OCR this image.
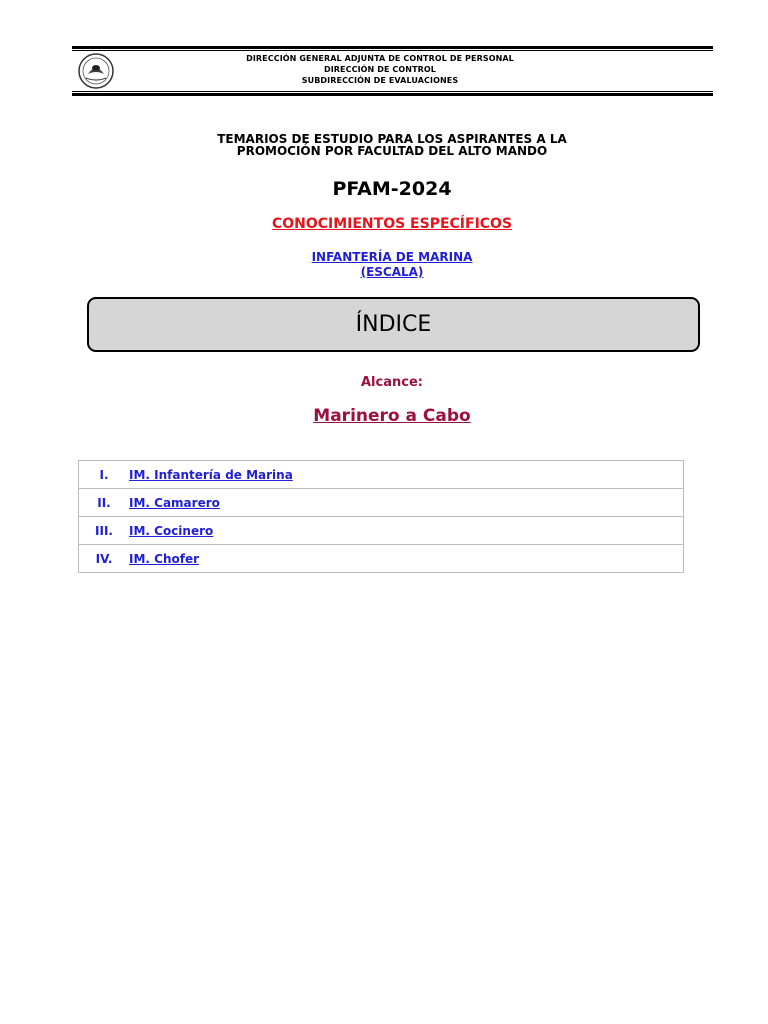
DIRECCIÓN GENERAL ADJUNTA DE CONTROL DE PERSONAL
DIRECCIÓN DE CONTROL
SUBDIRECCIÓN DE EVALUACIONES
TEMARIOS DE ESTUDIO PARA LOS ASPIRANTES A LA
PROMOCIÓN POR FACULTAD DEL ALTO MANDO
PFAM-2024
CONOCIMIENTOS ESPECÍFICOS
INFANTERÍA DE MARINA
(ESCALA)
ÍNDICE
Alcance:
Marinero a Cabo
I.	IM. Infantería de Marina
II.	IM. Camarero
III.	IM. Cocinero
IV.	IM. Chofer
